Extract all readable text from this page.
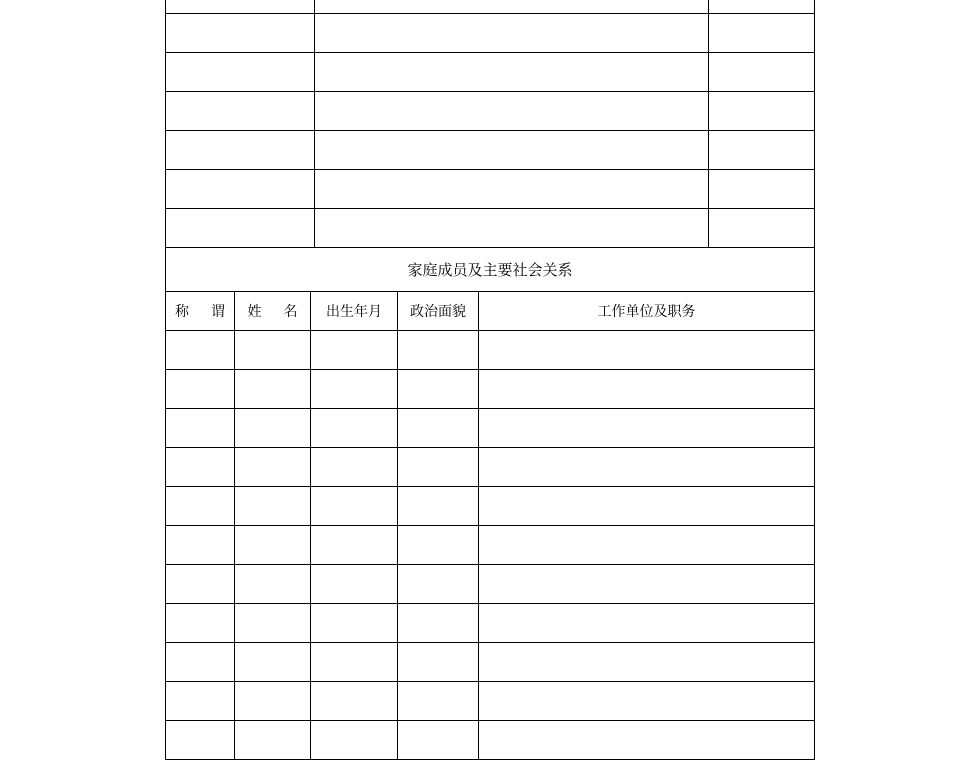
家庭成员及主要社会关系				
称 谓	姓 名	出生年月	政治面貌	工作单位及职务
